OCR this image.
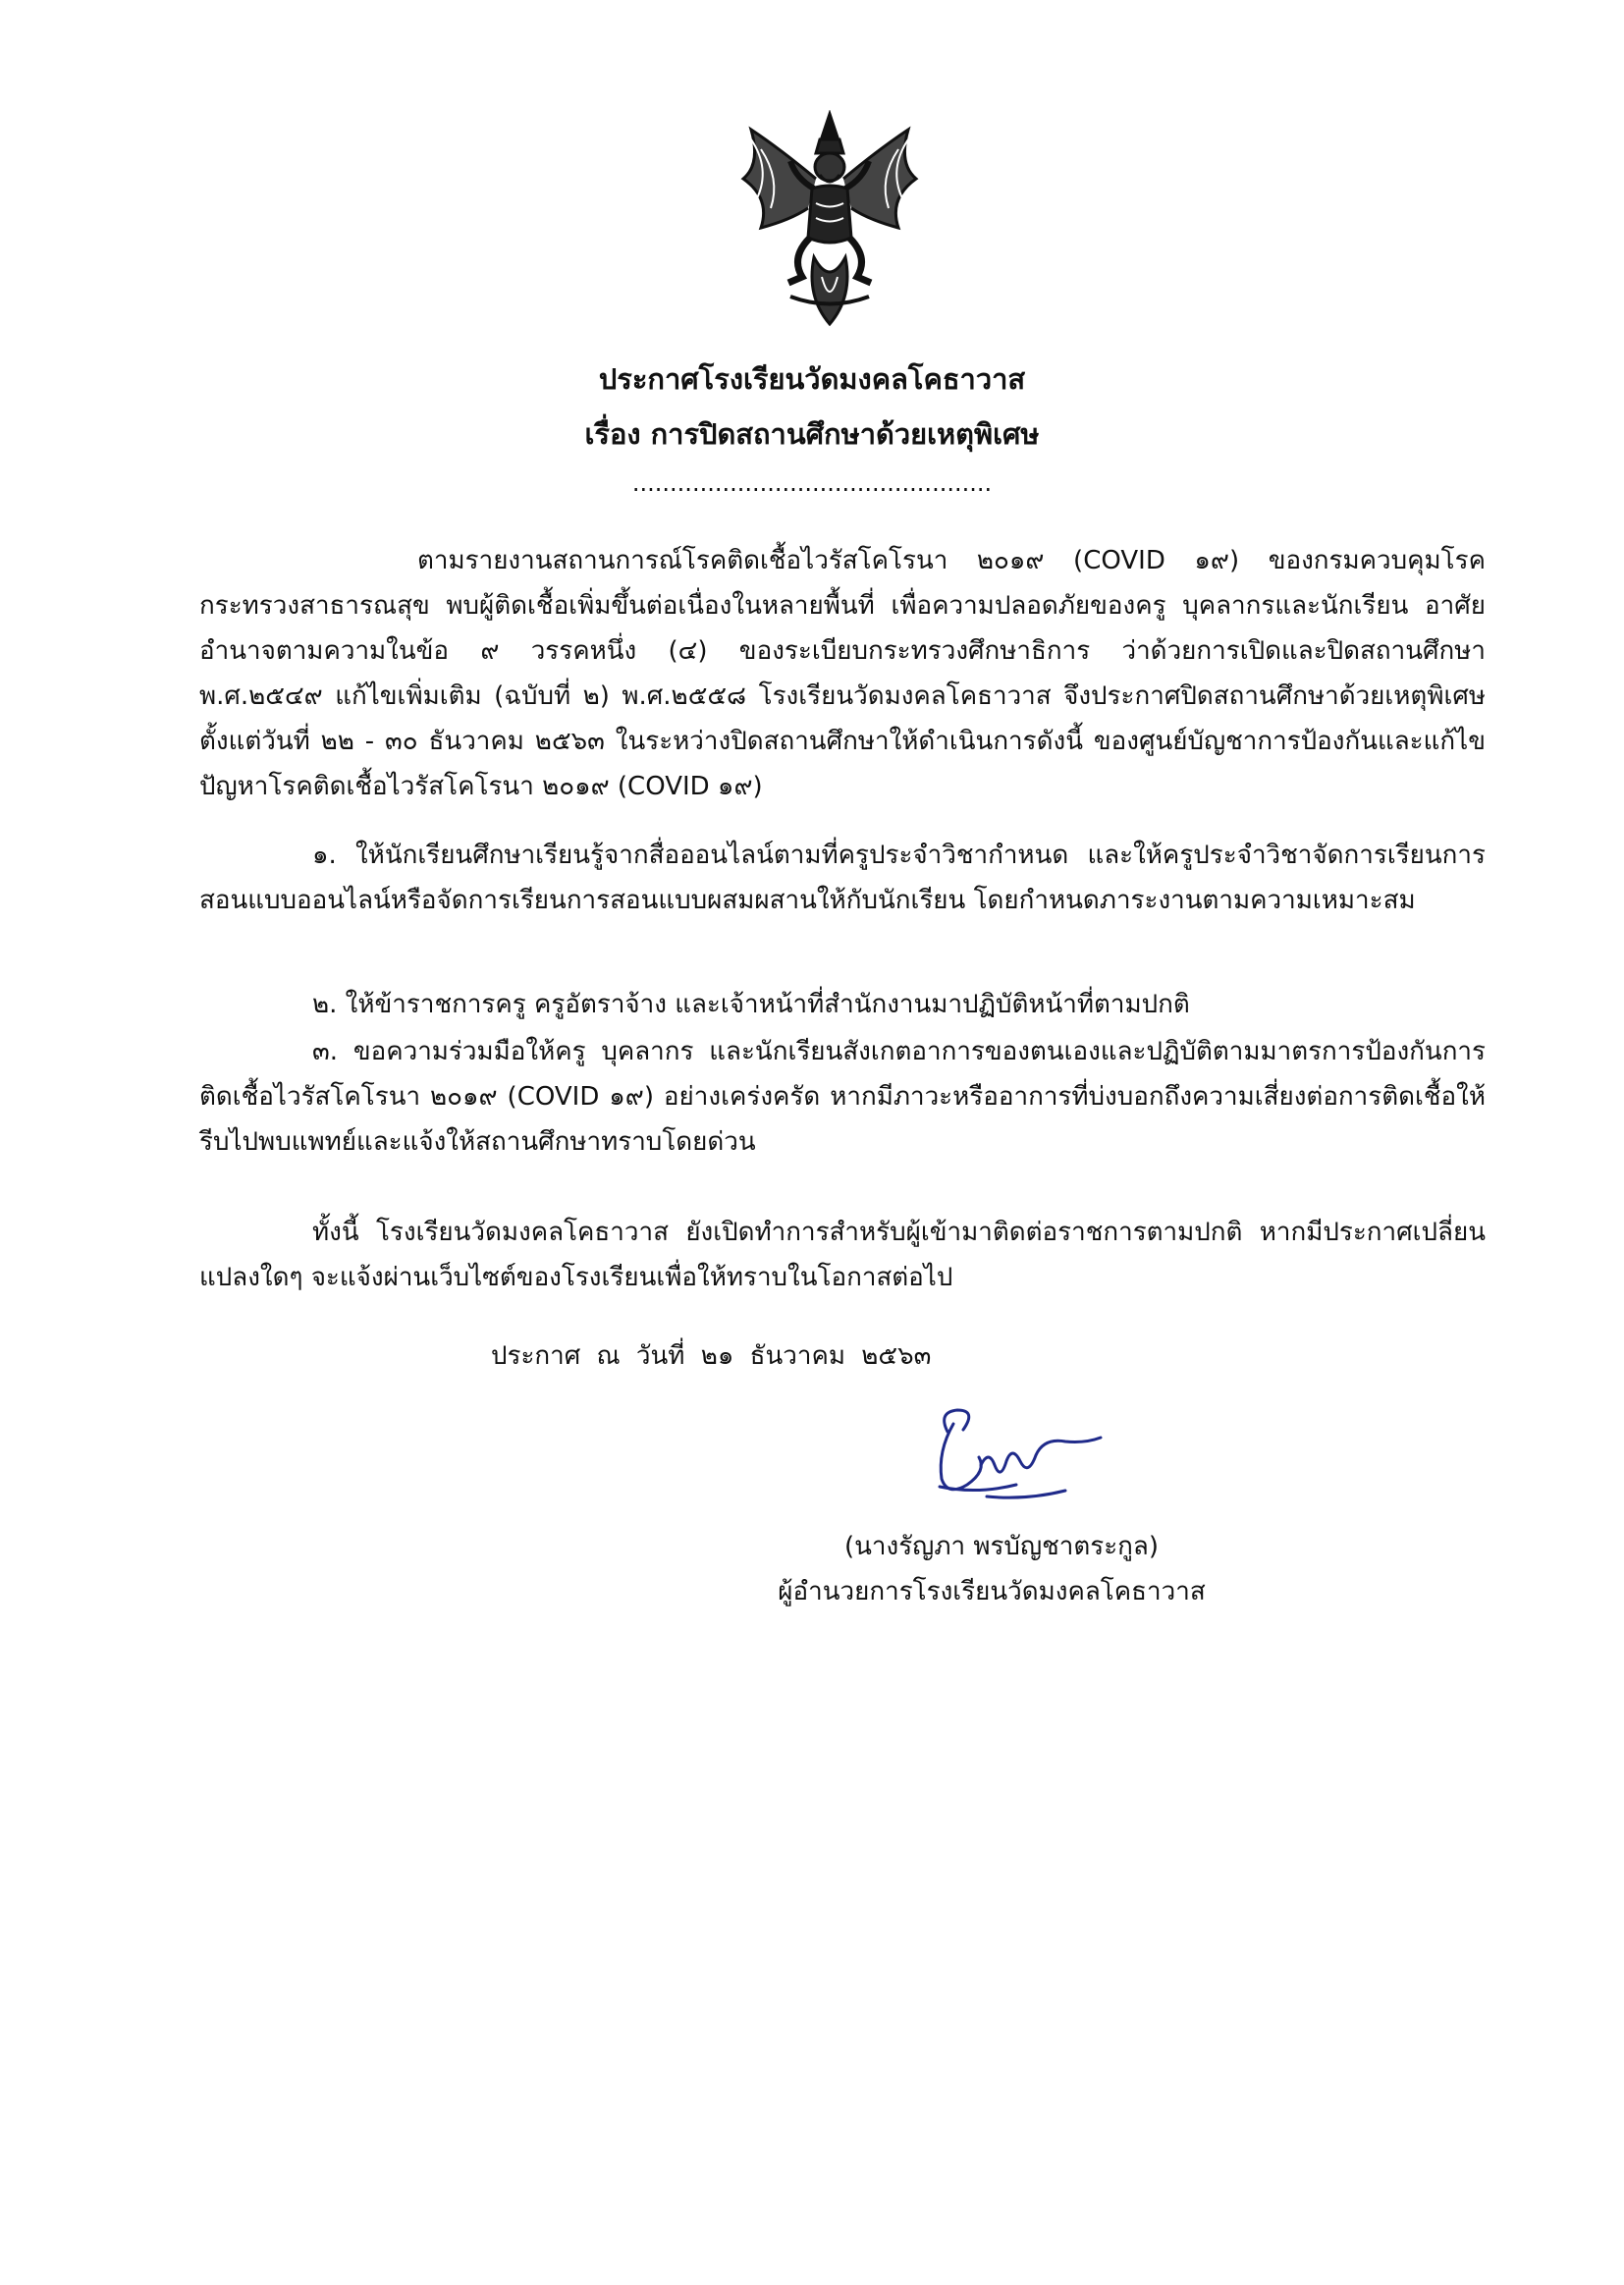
ประกาศโรงเรียนวัดมงคลโคธาวาส
เรื่อง การปิดสถานศึกษาด้วยเหตุพิเศษ
................................................
ตามรายงานสถานการณ์โรคติดเชื้อไวรัสโคโรนา ๒๐๑๙ (COVID ๑๙) ของกรมควบคุมโรค กระทรวงสาธารณสุข พบผู้ติดเชื้อเพิ่มขึ้นต่อเนื่องในหลายพื้นที่ เพื่อความปลอดภัยของครู บุคลากรและนักเรียน อาศัยอำนาจตามความในข้อ ๙ วรรคหนึ่ง (๔) ของระเบียบกระทรวงศึกษาธิการ ว่าด้วยการเปิดและปิดสถานศึกษา พ.ศ.๒๕๔๙ แก้ไขเพิ่มเติม (ฉบับที่ ๒) พ.ศ.๒๕๕๘ โรงเรียนวัดมงคลโคธาวาส จึงประกาศปิดสถานศึกษาด้วยเหตุพิเศษ ตั้งแต่วันที่ ๒๒ - ๓๐ ธันวาคม ๒๕๖๓ ในระหว่างปิดสถานศึกษาให้ดำเนินการดังนี้ ของศูนย์บัญชาการป้องกันและแก้ไขปัญหาโรคติดเชื้อไวรัสโคโรนา ๒๐๑๙ (COVID ๑๙)
๑. ให้นักเรียนศึกษาเรียนรู้จากสื่อออนไลน์ตามที่ครูประจำวิชากำหนด และให้ครูประจำวิชาจัดการเรียนการสอนแบบออนไลน์หรือจัดการเรียนการสอนแบบผสมผสานให้กับนักเรียน โดยกำหนดภาระงานตามความเหมาะสม
๒. ให้ข้าราชการครู ครูอัตราจ้าง และเจ้าหน้าที่สำนักงานมาปฏิบัติหน้าที่ตามปกติ
๓. ขอความร่วมมือให้ครู บุคลากร และนักเรียนสังเกตอาการของตนเองและปฏิบัติตามมาตรการป้องกันการติดเชื้อไวรัสโคโรนา ๒๐๑๙ (COVID ๑๙) อย่างเคร่งครัด หากมีภาวะหรืออาการที่บ่งบอกถึงความเสี่ยงต่อการติดเชื้อให้รีบไปพบแพทย์และแจ้งให้สถานศึกษาทราบโดยด่วน
ทั้งนี้ โรงเรียนวัดมงคลโคธาวาส ยังเปิดทำการสำหรับผู้เข้ามาติดต่อราชการตามปกติ หากมีประกาศเปลี่ยนแปลงใดๆ จะแจ้งผ่านเว็บไซต์ของโรงเรียนเพื่อให้ทราบในโอกาสต่อไป
ประกาศ ณ วันที่ ๒๑ ธันวาคม ๒๕๖๓
(นางรัญภา พรบัญชาตระกูล)
ผู้อำนวยการโรงเรียนวัดมงคลโคธาวาส
